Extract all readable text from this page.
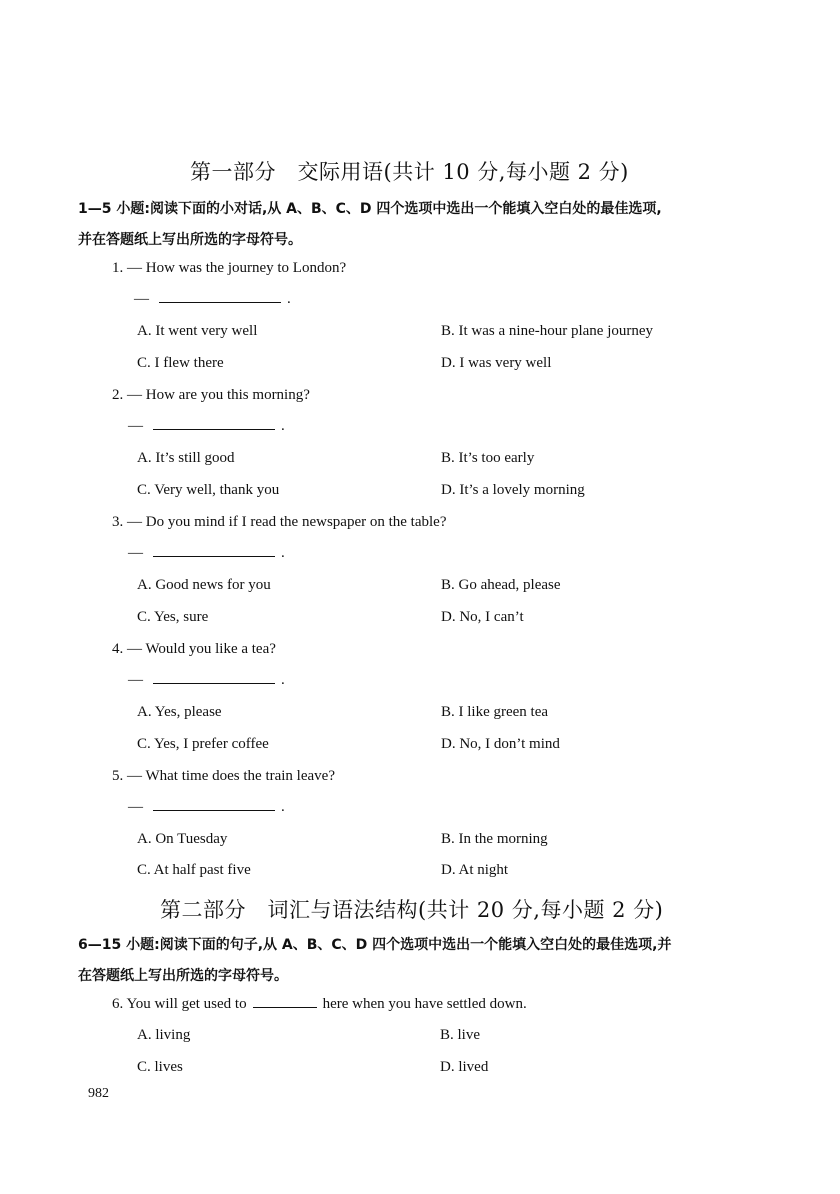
第一部分　交际用语(共计 10 分,每小题 2 分)
1—5 小题:阅读下面的小对话,从 A、B、C、D 四个选项中选出一个能填入空白处的最佳选项,
并在答题纸上写出所选的字母符号。
1. — How was the journey to London?
—	.
A. It went very well	B. It was a nine-hour plane journey
C. I flew there	D. I was very well
2. — How are you this morning?
—	.
A. It’s still good	B. It’s too early
C. Very well, thank you	D. It’s a lovely morning
3. — Do you mind if I read the newspaper on the table?
—	.
A. Good news for you	B. Go ahead, please
C. Yes, sure	D. No, I can’t
4. — Would you like a tea?
—	.
A. Yes, please	B. I like green tea
C. Yes, I prefer coffee	D. No, I don’t mind
5. — What time does the train leave?
—	.
A. On Tuesday	B. In the morning
C. At half past five	D. At night
第二部分　词汇与语法结构(共计 20 分,每小题 2 分)
6—15 小题:阅读下面的句子,从 A、B、C、D 四个选项中选出一个能填入空白处的最佳选项,并
在答题纸上写出所选的字母符号。
6. You will get used to	here when you have settled down.
A. living	B. live
C. lives	D. lived
982
